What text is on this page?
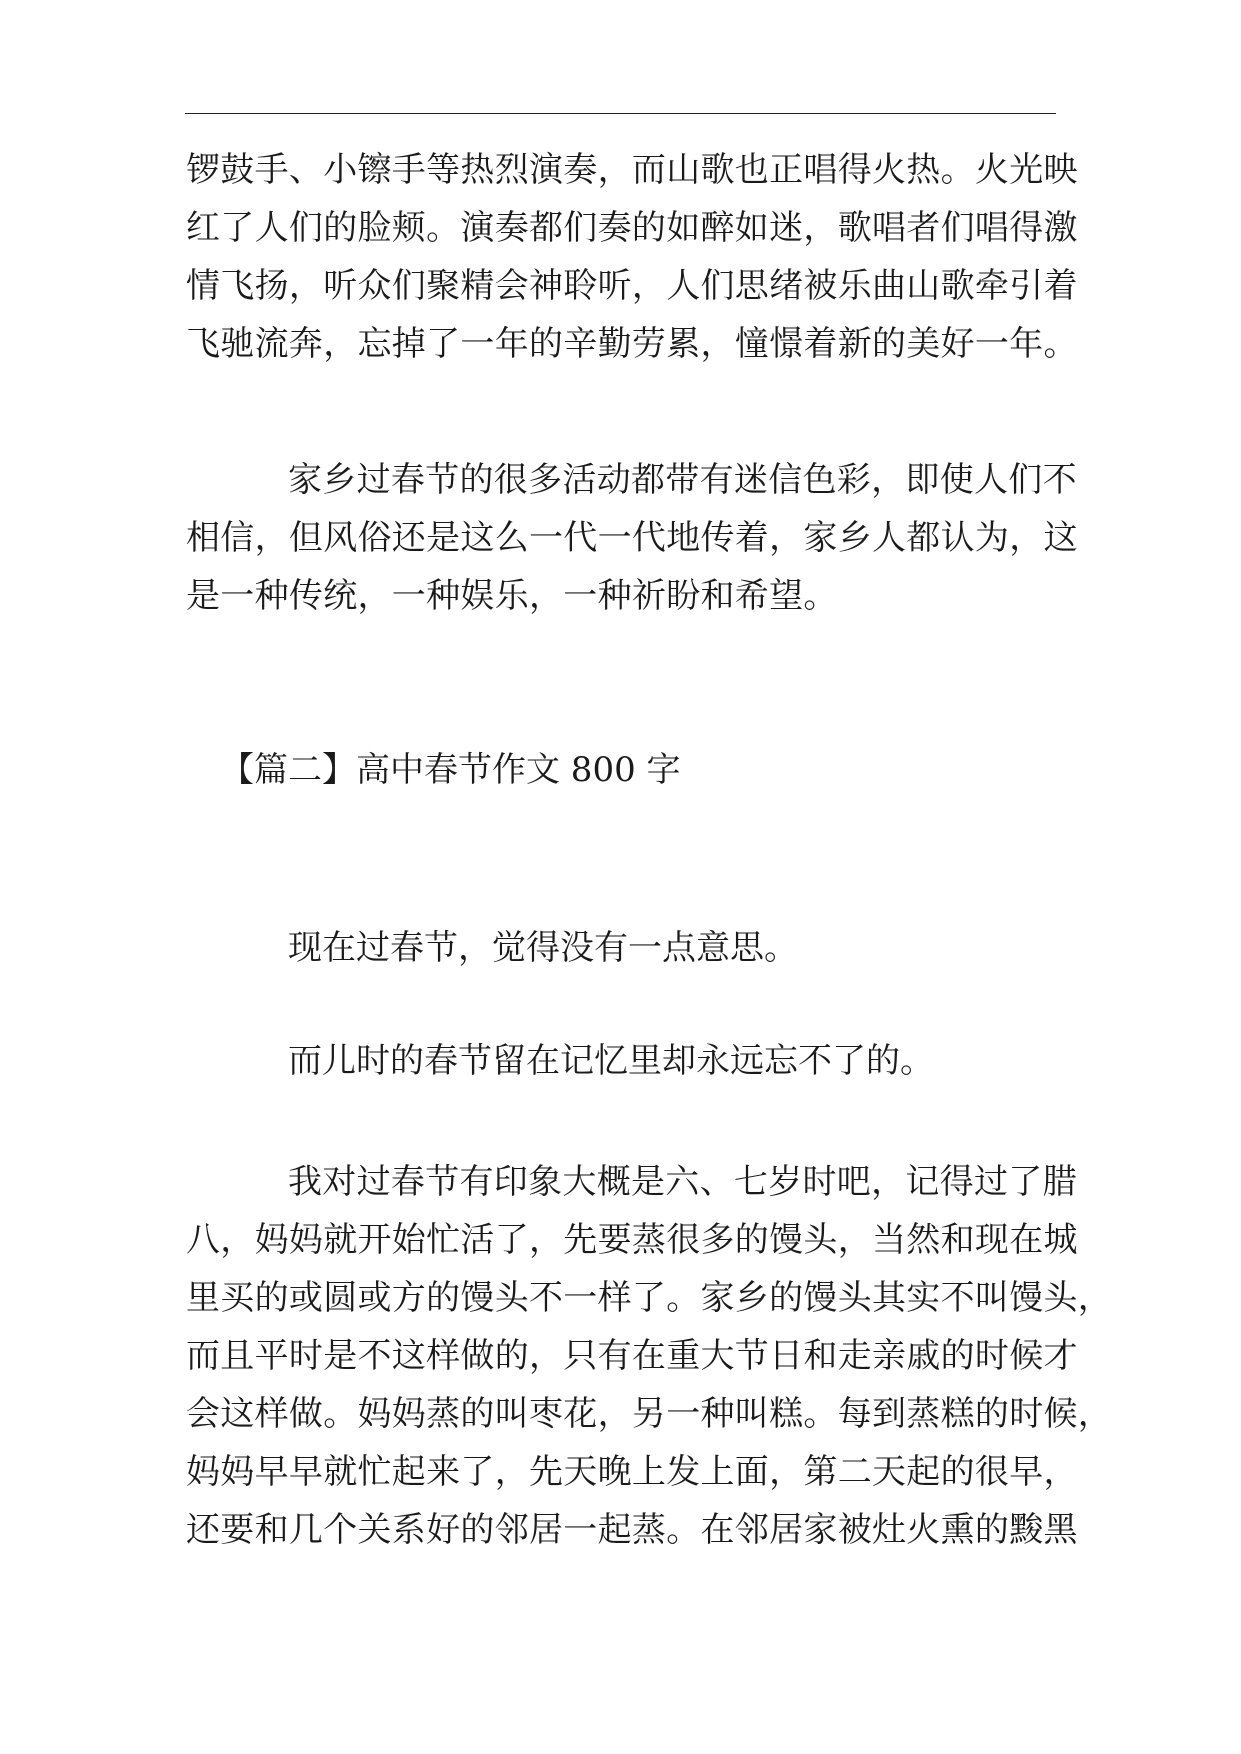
锣鼓手、小镲手等热烈演奏，而山歌也正唱得火热。火光映
红了人们的脸颊。演奏都们奏的如醉如迷，歌唱者们唱得激
情飞扬，听众们聚精会神聆听，人们思绪被乐曲山歌牵引着
飞驰流奔，忘掉了一年的辛勤劳累，憧憬着新的美好一年。
家乡过春节的很多活动都带有迷信色彩，即使人们不
相信，但风俗还是这么一代一代地传着，家乡人都认为，这
是一种传统，一种娱乐，一种祈盼和希望。
【篇二】高中春节作文 800 字
现在过春节，觉得没有一点意思。
而儿时的春节留在记忆里却永远忘不了的。
我对过春节有印象大概是六、七岁时吧，记得过了腊
八，妈妈就开始忙活了，先要蒸很多的馒头，当然和现在城
里买的或圆或方的馒头不一样了。家乡的馒头其实不叫馒头，
而且平时是不这样做的，只有在重大节日和走亲戚的时候才
会这样做。妈妈蒸的叫枣花，另一种叫糕。每到蒸糕的时候，
妈妈早早就忙起来了，先天晚上发上面，第二天起的很早，
还要和几个关系好的邻居一起蒸。在邻居家被灶火熏的黢黑
